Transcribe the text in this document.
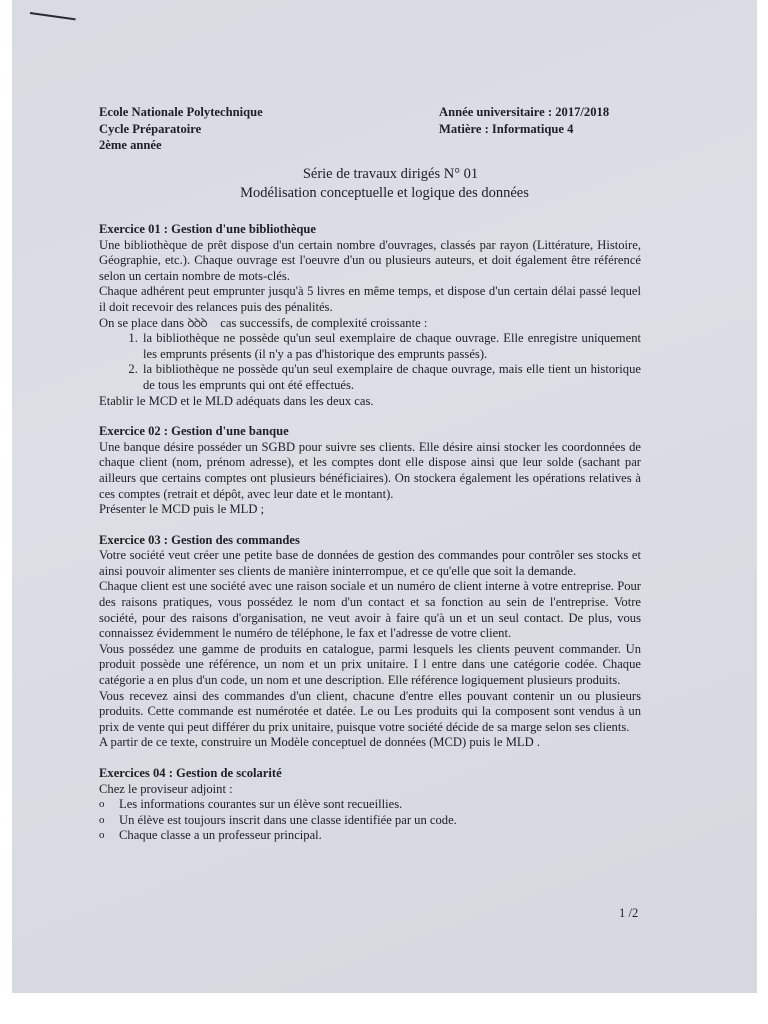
Ecole Nationale Polytechnique
Cycle Préparatoire
2ème année
Année universitaire : 2017/2018
Matière : Informatique 4
Série de travaux dirigés N° 01
Modélisation conceptuelle et logique des données

Exercice 01 : Gestion d'une bibliothèque

Une bibliothèque de prêt dispose d'un certain nombre d'ouvrages, classés par rayon (Littérature, Histoire, Géographie, etc.). Chaque ouvrage est l'oeuvre d'un ou plusieurs auteurs, et doit également être référencé selon un certain nombre de mots-clés.

Chaque adhérent peut emprunter jusqu'à 5 livres en même temps, et dispose d'un certain délai passé lequel il doit recevoir des relances puis des pénalités.

On se place dans ꝺꝺꝺ cas successifs, de complexité croissante :

1. la bibliothèque ne possède qu'un seul exemplaire de chaque ouvrage. Elle enregistre uniquement les emprunts présents (il n'y a pas d'historique des emprunts passés).
2. la bibliothèque ne possède qu'un seul exemplaire de chaque ouvrage, mais elle tient un historique de tous les emprunts qui ont été effectués.

Etablir le MCD et le MLD adéquats dans les deux cas.

Exercice 02 : Gestion d'une banque

Une banque désire posséder un SGBD pour suivre ses clients. Elle désire ainsi stocker les coordonnées de chaque client (nom, prénom adresse), et les comptes dont elle dispose ainsi que leur solde (sachant par ailleurs que certains comptes ont plusieurs bénéficiaires). On stockera également les opérations relatives à ces comptes (retrait et dépôt, avec leur date et le montant).

Présenter le MCD puis le MLD ;

Exercice 03 : Gestion des commandes

Votre société veut créer une petite base de données de gestion des commandes pour contrôler ses stocks et ainsi pouvoir alimenter ses clients de manière ininterrompue, et ce qu'elle que soit la demande.

Chaque client est une société avec une raison sociale et un numéro de client interne à votre entreprise. Pour des raisons pratiques, vous possédez le nom d'un contact et sa fonction au sein de l'entreprise. Votre société, pour des raisons d'organisation, ne veut avoir à faire qu'à un et un seul contact. De plus, vous connaissez évidemment le numéro de téléphone, le fax et l'adresse de votre client.

Vous possédez une gamme de produits en catalogue, parmi lesquels les clients peuvent commander. Un produit possède une référence, un nom et un prix unitaire. I l entre dans une catégorie codée. Chaque catégorie a en plus d'un code, un nom et une description. Elle référence logiquement plusieurs produits.

Vous recevez ainsi des commandes d'un client, chacune d'entre elles pouvant contenir un ou plusieurs produits. Cette commande est numérotée et datée. Le ou Les produits qui la composent sont vendus à un prix de vente qui peut différer du prix unitaire, puisque votre société décide de sa marge selon ses clients.

A partir de ce texte, construire un Modèle conceptuel de données (MCD) puis le MLD .

Exercices 04 : Gestion de scolarité

Chez le proviseur adjoint :

o Les informations courantes sur un élève sont recueillies.
o Un élève est toujours inscrit dans une classe identifiée par un code.
o Chaque classe a un professeur principal.
1 /2
